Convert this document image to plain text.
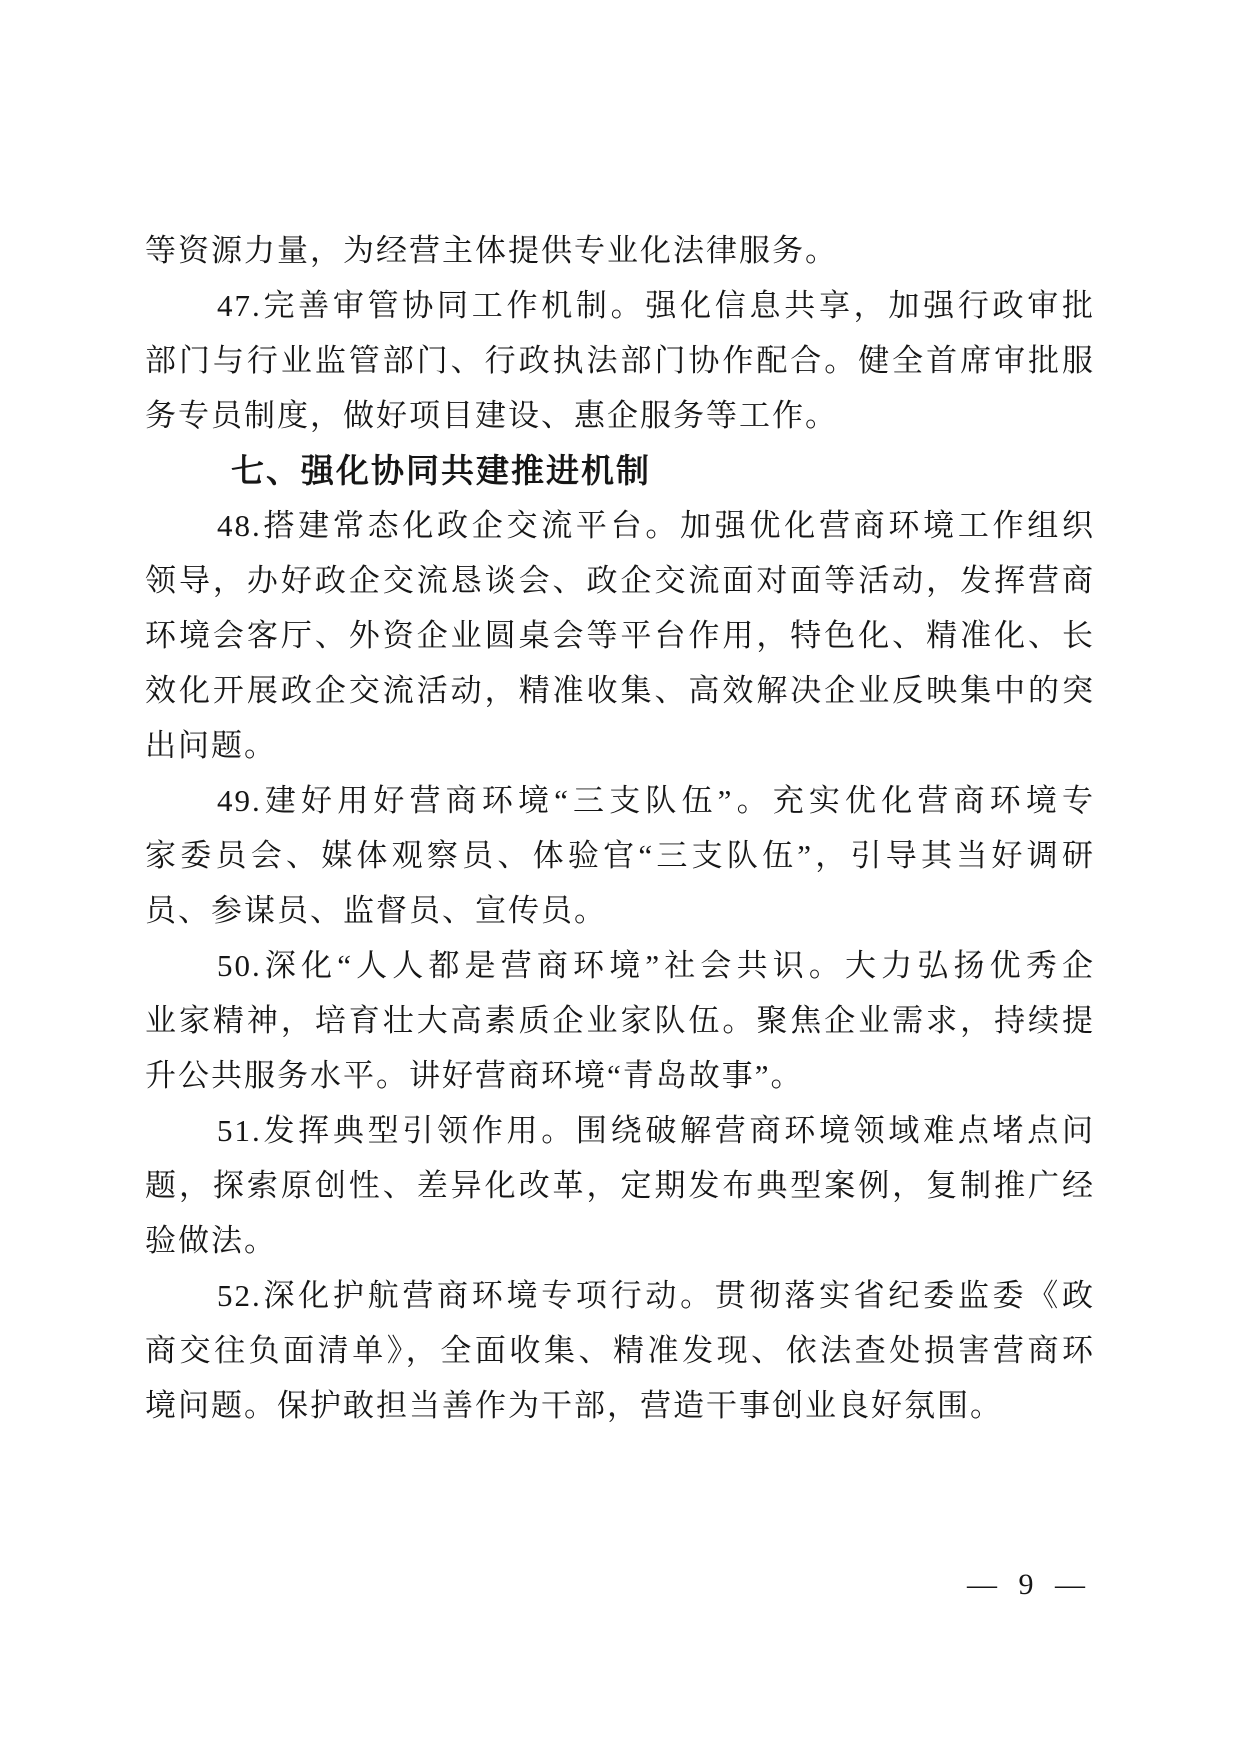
等资源力量，为经营主体提供专业化法律服务。
47.完善审管协同工作机制。强化信息共享，加强行政审批
部门与行业监管部门、行政执法部门协作配合。健全首席审批服
务专员制度，做好项目建设、惠企服务等工作。
七、强化协同共建推进机制
48.搭建常态化政企交流平台。加强优化营商环境工作组织
领导，办好政企交流恳谈会、政企交流面对面等活动，发挥营商
环境会客厅、外资企业圆桌会等平台作用，特色化、精准化、长
效化开展政企交流活动，精准收集、高效解决企业反映集中的突
出问题。
49.建好用好营商环境“三支队伍”。充实优化营商环境专
家委员会、媒体观察员、体验官“三支队伍”，引导其当好调研
员、参谋员、监督员、宣传员。
50.深化“人人都是营商环境”社会共识。大力弘扬优秀企
业家精神，培育壮大高素质企业家队伍。聚焦企业需求，持续提
升公共服务水平。讲好营商环境“青岛故事”。
51.发挥典型引领作用。围绕破解营商环境领域难点堵点问
题，探索原创性、差异化改革，定期发布典型案例，复制推广经
验做法。
52.深化护航营商环境专项行动。贯彻落实省纪委监委《政
商交往负面清单》，全面收集、精准发现、依法查处损害营商环
境问题。保护敢担当善作为干部，营造干事创业良好氛围。
— 9 —
